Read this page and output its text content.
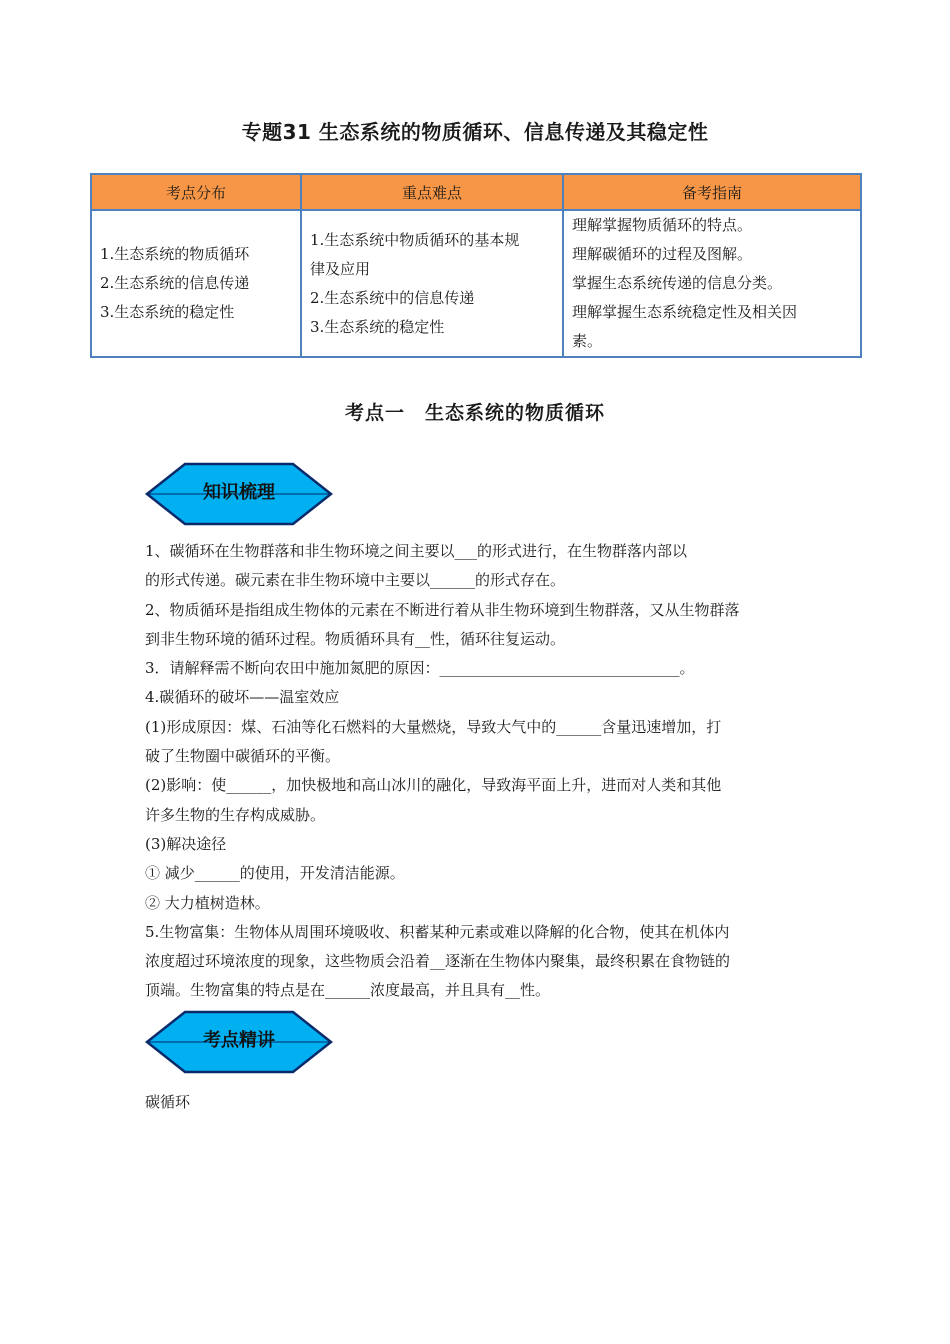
专题31 生态系统的物质循环、信息传递及其稳定性
考点分布	重点难点	备考指南

1.生态系统的物质循环
2.生态系统的信息传递
3.生态系统的稳定性	1.生态系统中物质循环的基本规
律及应用
2.生态系统中的信息传递
3.生态系统的稳定性	理解掌握物质循环的特点。
理解碳循环的过程及图解。
掌握生态系统传递的信息分类。
理解掌握生态系统稳定性及相关因
素。
考点一　生态系统的物质循环
知识梳理

1、碳循环在生物群落和非生物环境之间主要以___的形式进行，在生物群落内部以

的形式传递。碳元素在非生物环境中主要以______的形式存在。

2、物质循环是指组成生物体的元素在不断进行着从非生物环境到生物群落，又从生物群落

到非生物环境的循环过程。物质循环具有__性，循环往复运动。

3．请解释需不断向农田中施加氮肥的原因：________________________________。

4.碳循环的破坏——温室效应

(1)形成原因：煤、石油等化石燃料的大量燃烧，导致大气中的______含量迅速增加，打

破了生物圈中碳循环的平衡。

(2)影响：使______，加快极地和高山冰川的融化，导致海平面上升，进而对人类和其他

许多生物的生存构成威胁。

(3)解决途径

① 减少______的使用，开发清洁能源。

② 大力植树造林。

5.生物富集：生物体从周围环境吸收、积蓄某种元素或难以降解的化合物，使其在机体内

浓度超过环境浓度的现象，这些物质会沿着__逐渐在生物体内聚集，最终积累在食物链的

顶端。生物富集的特点是在______浓度最高，并且具有__性。

考点精讲
碳循环
